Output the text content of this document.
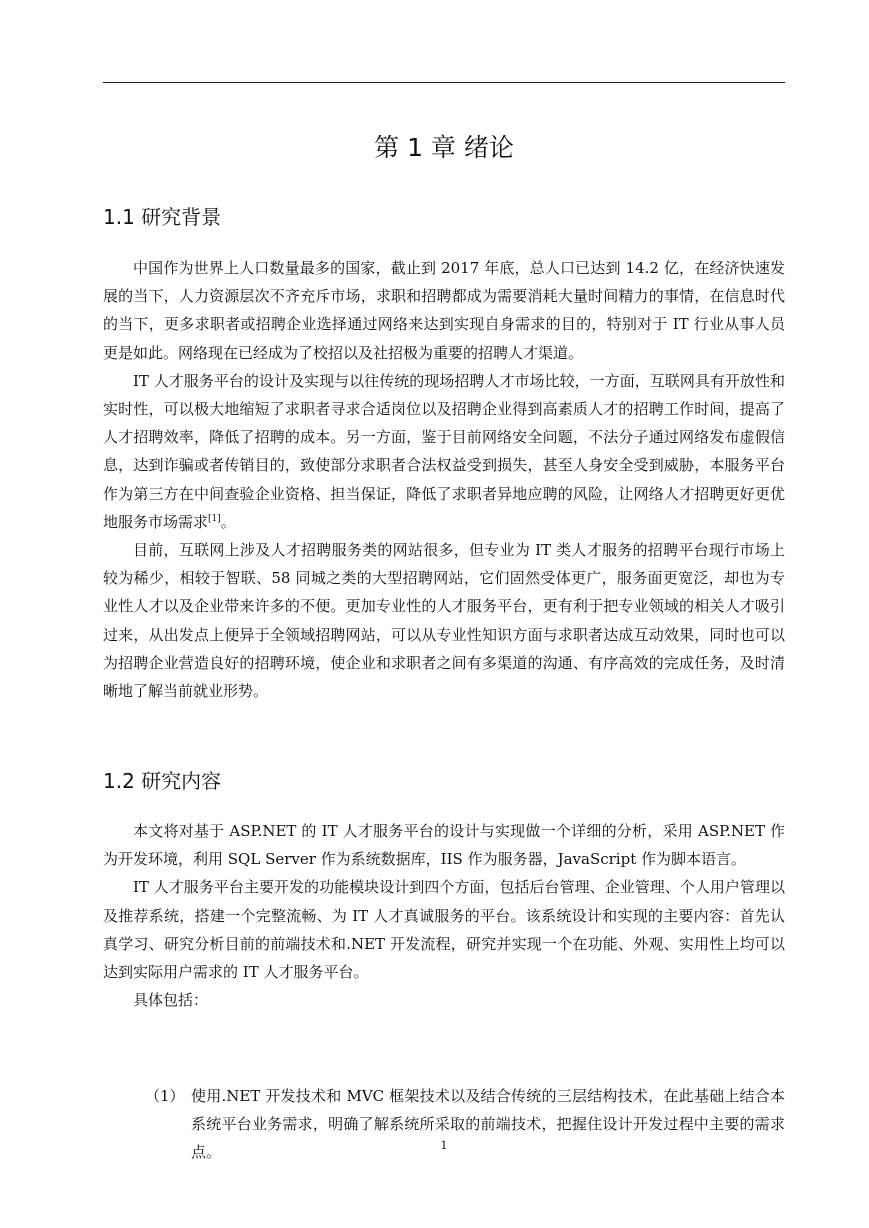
第 1 章 绪论
1.1 研究背景

中国作为世界上人口数量最多的国家，截止到 2017 年底，总人口已达到 14.2 亿，在经济快速发展的当下，人力资源层次不齐充斥市场，求职和招聘都成为需要消耗大量时间精力的事情，在信息时代的当下，更多求职者或招聘企业选择通过网络来达到实现自身需求的目的，特别对于 IT 行业从事人员更是如此。网络现在已经成为了校招以及社招极为重要的招聘人才渠道。

IT 人才服务平台的设计及实现与以往传统的现场招聘人才市场比较，一方面，互联网具有开放性和实时性，可以极大地缩短了求职者寻求合适岗位以及招聘企业得到高素质人才的招聘工作时间，提高了人才招聘效率，降低了招聘的成本。另一方面，鉴于目前网络安全问题，不法分子通过网络发布虚假信息，达到诈骗或者传销目的，致使部分求职者合法权益受到损失，甚至人身安全受到威胁，本服务平台作为第三方在中间查验企业资格、担当保证，降低了求职者异地应聘的风险，让网络人才招聘更好更优地服务市场需求[1]。

目前，互联网上涉及人才招聘服务类的网站很多，但专业为 IT 类人才服务的招聘平台现行市场上较为稀少，相较于智联、58 同城之类的大型招聘网站，它们固然受体更广，服务面更宽泛，却也为专业性人才以及企业带来许多的不便。更加专业性的人才服务平台，更有利于把专业领域的相关人才吸引过来，从出发点上便异于全领域招聘网站，可以从专业性知识方面与求职者达成互动效果，同时也可以为招聘企业营造良好的招聘环境，使企业和求职者之间有多渠道的沟通、有序高效的完成任务，及时清晰地了解当前就业形势。

1.2 研究内容

本文将对基于 ASP.NET 的 IT 人才服务平台的设计与实现做一个详细的分析，采用 ASP.NET 作为开发环境，利用 SQL Server 作为系统数据库，IIS 作为服务器，JavaScript 作为脚本语言。

IT 人才服务平台主要开发的功能模块设计到四个方面，包括后台管理、企业管理、个人用户管理以及推荐系统，搭建一个完整流畅、为 IT 人才真诚服务的平台。该系统设计和实现的主要内容：首先认真学习、研究分析目前的前端技术和.NET 开发流程，研究并实现一个在功能、外观、实用性上均可以达到实际用户需求的 IT 人才服务平台。

具体包括：

（1） 使用.NET 开发技术和 MVC 框架技术以及结合传统的三层结构技术，在此基础上结合本系统平台业务需求，明确了解系统所采取的前端技术，把握住设计开发过程中主要的需求点。	1
